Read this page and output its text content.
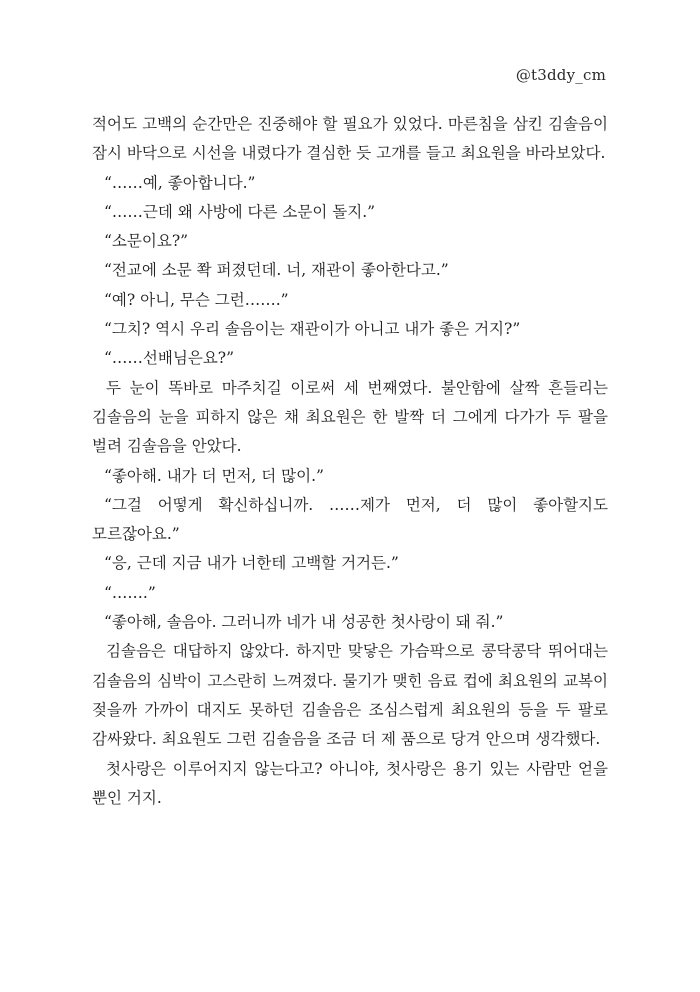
@t3ddy_cm

적어도 고백의 순간만은 진중해야 할 필요가 있었다. 마른침을 삼킨 김솔음이 잠시 바닥으로 시선을 내렸다가 결심한 듯 고개를 들고 최요원을 바라보았다.

“……예, 좋아합니다.”

“……근데 왜 사방에 다른 소문이 돌지.”

“소문이요?”

“전교에 소문 쫙 퍼졌던데. 너, 재관이 좋아한다고.”

“예? 아니, 무슨 그런…….”

“그치? 역시 우리 솔음이는 재관이가 아니고 내가 좋은 거지?”

“……선배님은요?”

두 눈이 똑바로 마주치길 이로써 세 번째였다. 불안함에 살짝 흔들리는 김솔음의 눈을 피하지 않은 채 최요원은 한 발짝 더 그에게 다가가 두 팔을 벌려 김솔음을 안았다.

“좋아해. 내가 더 먼저, 더 많이.”

“그걸 어떻게 확신하십니까. ……제가 먼저, 더 많이 좋아할지도 모르잖아요.”

“응, 근데 지금 내가 너한테 고백할 거거든.”

“…….”

“좋아해, 솔음아. 그러니까 네가 내 성공한 첫사랑이 돼 줘.”

김솔음은 대답하지 않았다. 하지만 맞닿은 가슴팍으로 콩닥콩닥 뛰어대는 김솔음의 심박이 고스란히 느껴졌다. 물기가 맺힌 음료 컵에 최요원의 교복이 젖을까 가까이 대지도 못하던 김솔음은 조심스럽게 최요원의 등을 두 팔로 감싸왔다. 최요원도 그런 김솔음을 조금 더 제 품으로 당겨 안으며 생각했다.

첫사랑은 이루어지지 않는다고? 아니야, 첫사랑은 용기 있는 사람만 얻을 뿐인 거지.
